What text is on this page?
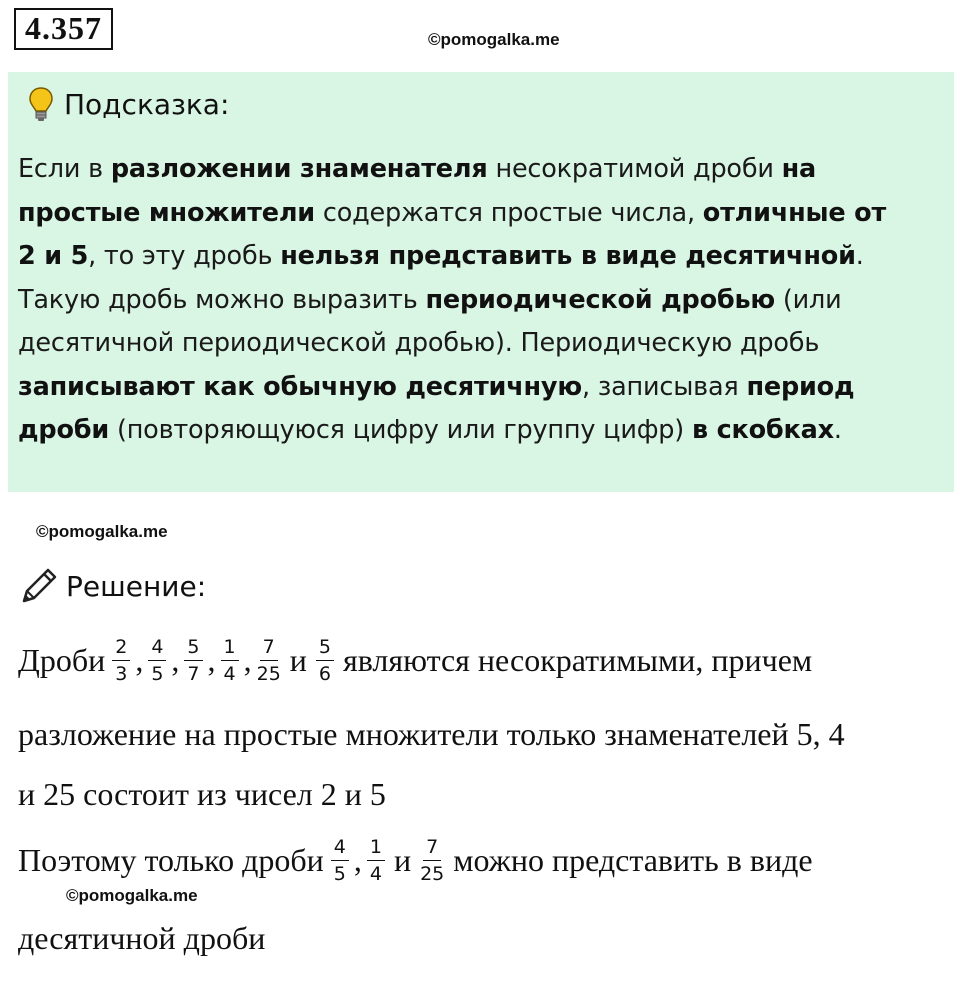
4.357	©pomogalka.me
Подсказка:
Если в разложении знаменателя несократимой дроби на
простые множители содержатся простые числа, отличные от
2 и 5, то эту дробь нельзя представить в виде десятичной.
Такую дробь можно выразить периодической дробью (или
десятичной периодической дробью). Периодическую дробь
записывают как обычную десятичную, записывая период
дроби (повторяющуюся цифру или группу цифр) в скобках.
©pomogalka.me
Решение:
Дроби $\frac{2}{3}$ , $\frac{4}{5}$ , $\frac{5}{7}$ , $\frac{1}{4}$ , $\frac{7}{25}$ и $\frac{5}{6}$ являются несократимыми, причем
разложение на простые множители только знаменателей 5, 4
и 25 состоит из чисел 2 и 5
Поэтому только дроби $\frac{4}{5}$ , $\frac{1}{4}$ и $\frac{7}{25}$ можно представить в виде
©pomogalka.me
десятичной дроби
